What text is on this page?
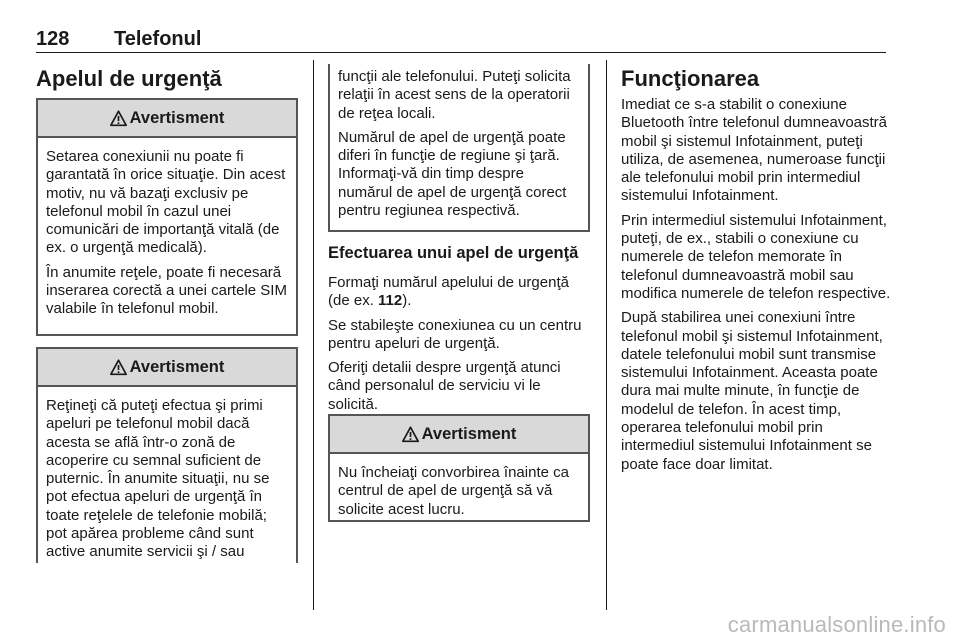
128 Telefonul
Apelul de urgenţă
Avertisment

Setarea conexiunii nu poate fi garantată în orice situaţie. Din acest motiv, nu vă bazaţi exclusiv pe telefonul mobil în cazul unei comunicări de importanţă vitală (de ex. o urgenţă medicală).

În anumite reţele, poate fi necesară inserarea corectă a unei cartele SIM valabile în telefonul mobil.

Avertisment

Reţineţi că puteţi efectua şi primi apeluri pe telefonul mobil dacă acesta se află într-o zonă de acoperire cu semnal suficient de puternic. În anumite situaţii, nu se pot efectua apeluri de urgenţă în toate reţelele de telefonie mobilă; pot apărea probleme când sunt active anumite servicii şi / sau

funcţii ale telefonului. Puteţi solicita relaţii în acest sens de la operatorii de reţea locali.

Numărul de apel de urgenţă poate diferi în funcţie de regiune şi ţară. Informaţi-vă din timp despre numărul de apel de urgenţă corect pentru regiunea respectivă.

Efectuarea unui apel de urgenţă

Formaţi numărul apelului de urgenţă (de ex. 112).

Se stabileşte conexiunea cu un centru pentru apeluri de urgenţă.

Oferiţi detalii despre urgenţă atunci când personalul de serviciu vi le solicită.

Avertisment

Nu încheiaţi convorbirea înainte ca centrul de apel de urgenţă să vă solicite acest lucru.

Funcţionarea

Imediat ce s-a stabilit o conexiune Bluetooth între telefonul dumneavoastră mobil şi sistemul Infotainment, puteţi utiliza, de asemenea, numeroase funcţii ale telefonului mobil prin intermediul sistemului Infotainment.

Prin intermediul sistemului Infotainment, puteţi, de ex., stabili o conexiune cu numerele de telefon memorate în telefonul dumneavoastră mobil sau modifica numerele de telefon respective.

După stabilirea unei conexiuni între telefonul mobil şi sistemul Infotainment, datele telefonului mobil sunt transmise sistemului Infotainment. Aceasta poate dura mai multe minute, în funcţie de modelul de telefon. În acest timp, operarea telefonului mobil prin intermediul sistemului Infotainment se poate face doar limitat.

carmanualsonline.info
